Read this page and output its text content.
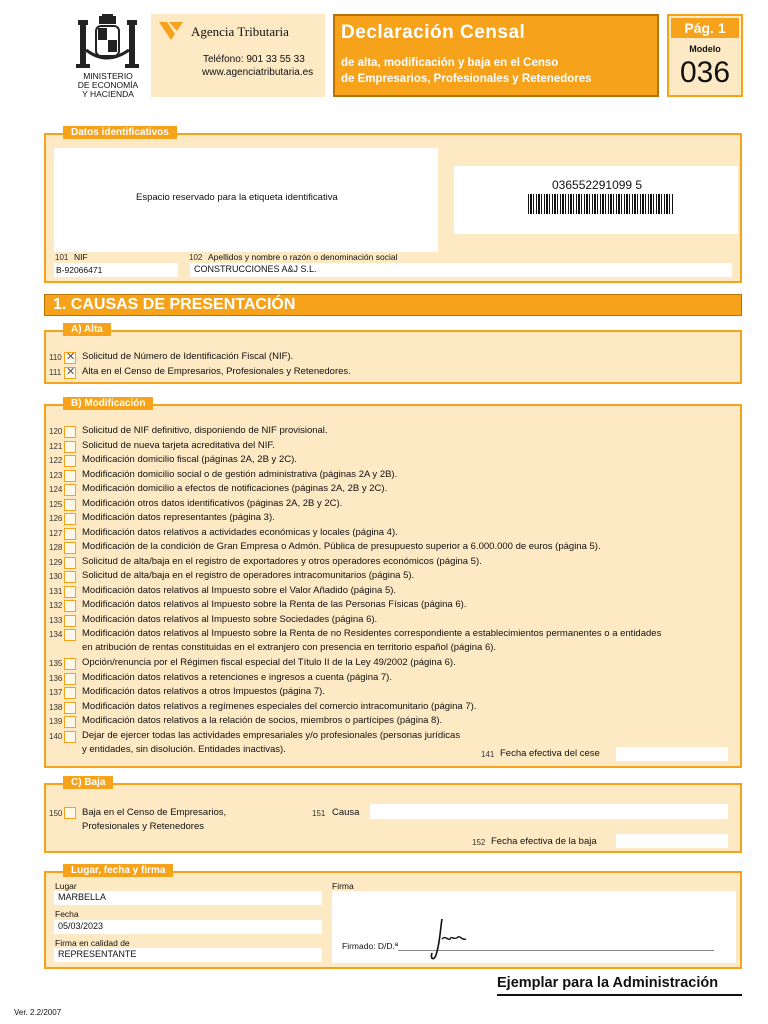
MINISTERIO
DE ECONOMÍA
Y HACIENDA
Agencia Tributaria
Teléfono: 901 33 55 33
www.agenciatributaria.es
Declaración Censal
de alta, modificación y baja en el Censo
de Empresarios, Profesionales y Retenedores
Pág. 1
Modelo
036
Datos identificativos
Espacio reservado para la etiqueta identificativa
036552291099 5
101 NIF
B-92066471
102 Apellidos y nombre o razón o denominación social
CONSTRUCCIONES A&J S.L.
1. CAUSAS DE PRESENTACIÓN
A) Alta
110 ✕ Solicitud de Número de Identificación Fiscal (NIF).
111 ✕ Alta en el Censo de Empresarios, Profesionales y Retenedores.
B) Modificación
120 Solicitud de NIF definitivo, disponiendo de NIF provisional.
121 Solicitud de nueva tarjeta acreditativa del NIF.
122 Modificación domicilio fiscal (páginas 2A, 2B y 2C).
123 Modificación domicilio social o de gestión administrativa (páginas 2A y 2B).
124 Modificación domicilio a efectos de notificaciones (páginas 2A, 2B y 2C).
125 Modificación otros datos identificativos (páginas 2A, 2B y 2C).
126 Modificación datos representantes (página 3).
127 Modificación datos relativos a actividades económicas y locales (página 4).
128 Modificación de la condición de Gran Empresa o Admón. Pública de presupuesto superior a 6.000.000 de euros (página 5).
129 Solicitud de alta/baja en el registro de exportadores y otros operadores económicos (página 5).
130 Solicitud de alta/baja en el registro de operadores intracomunitarios (página 5).
131 Modificación datos relativos al Impuesto sobre el Valor Añadido (página 5).
132 Modificación datos relativos al Impuesto sobre la Renta de las Personas Físicas (página 6).
133 Modificación datos relativos al Impuesto sobre Sociedades (página 6).
134 Modificación datos relativos al Impuesto sobre la Renta de no Residentes correspondiente a establecimientos permanentes o a entidades
en atribución de rentas constituidas en el extranjero con presencia en territorio español (página 6).
135 Opción/renuncia por el Régimen fiscal especial del Título II de la Ley 49/2002 (página 6).
136 Modificación datos relativos a retenciones e ingresos a cuenta (página 7).
137 Modificación datos relativos a otros Impuestos (página 7).
138 Modificación datos relativos a regímenes especiales del comercio intracomunitario (página 7).
139 Modificación datos relativos a la relación de socios, miembros o partícipes (página 8).
140 Dejar de ejercer todas las actividades empresariales y/o profesionales (personas jurídicas
y entidades, sin disolución. Entidades inactivas).	141 Fecha efectiva del cese
C) Baja
150 Baja en el Censo de Empresarios,
Profesionales y Retenedores
151 Causa
152 Fecha efectiva de la baja
Lugar, fecha y firma
Lugar
MARBELLA
Fecha
05/03/2023
Firma en calidad de
REPRESENTANTE
Firma
Firmado: D/D.ª
Ejemplar para la Administración
Ver. 2.2/2007
